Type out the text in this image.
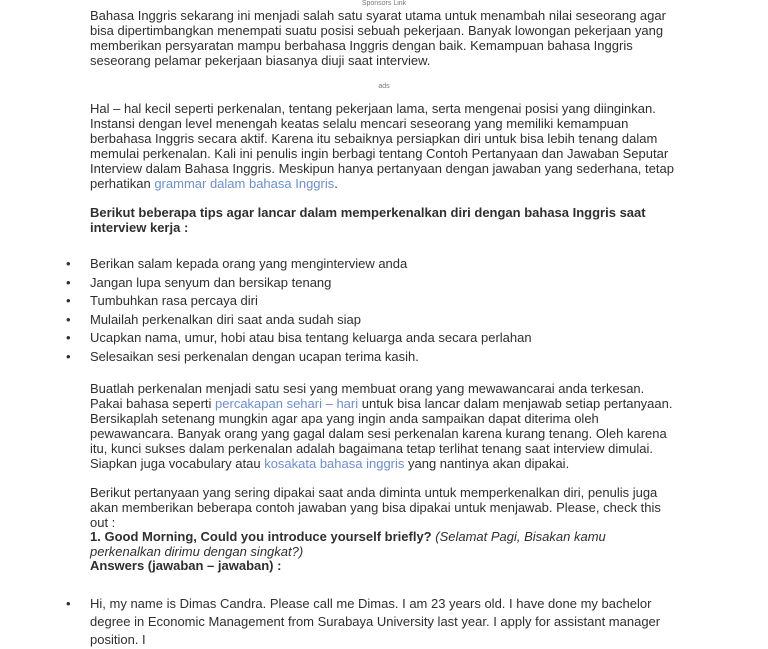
Sponsors Link

Bahasa Inggris sekarang ini menjadi salah satu syarat utama untuk menambah nilai seseorang agar bisa dipertimbangkan menempati suatu posisi sebuah pekerjaan. Banyak lowongan pekerjaan yang memberikan persyaratan mampu berbahasa Inggris dengan baik. Kemampuan bahasa Inggris seseorang pelamar pekerjaan biasanya diuji saat interview.

ads

Hal – hal kecil seperti perkenalan, tentang pekerjaan lama, serta mengenai posisi yang diinginkan. Instansi dengan level menengah keatas selalu mencari seseorang yang memiliki kemampuan berbahasa Inggris secara aktif. Karena itu sebaiknya persiapkan diri untuk bisa lebih tenang dalam memulai perkenalan. Kali ini penulis ingin berbagi tentang Contoh Pertanyaan dan Jawaban Seputar Interview dalam Bahasa Inggris. Meskipun hanya pertanyaan dengan jawaban yang sederhana, tetap perhatikan grammar dalam bahasa Inggris.

Berikut beberapa tips agar lancar dalam memperkenalkan diri dengan bahasa Inggris saat interview kerja :

• Berikan salam kepada orang yang menginterview anda
• Jangan lupa senyum dan bersikap tenang
• Tumbuhkan rasa percaya diri
• Mulailah perkenalkan diri saat anda sudah siap
• Ucapkan nama, umur, hobi atau bisa tentang keluarga anda secara perlahan
• Selesaikan sesi perkenalan dengan ucapan terima kasih.

Buatlah perkenalan menjadi satu sesi yang membuat orang yang mewawancarai anda terkesan. Pakai bahasa seperti percakapan sehari – hari untuk bisa lancar dalam menjawab setiap pertanyaan. Bersikaplah setenang mungkin agar apa yang ingin anda sampaikan dapat diterima oleh pewawancara. Banyak orang yang gagal dalam sesi perkenalan karena kurang tenang. Oleh karena itu, kunci sukses dalam perkenalan adalah bagaimana tetap terlihat tenang saat interview dimulai. Siapkan juga vocabulary atau kosakata bahasa inggris yang nantinya akan dipakai.

Berikut pertanyaan yang sering dipakai saat anda diminta untuk memperkenalkan diri, penulis juga akan memberikan beberapa contoh jawaban yang bisa dipakai untuk menjawab. Please, check this out :

1. Good Morning, Could you introduce yourself briefly? (Selamat Pagi, Bisakan kamu perkenalkan dirimu dengan singkat?)

Answers (jawaban – jawaban) :

• Hi, my name is Dimas Candra. Please call me Dimas. I am 23 years old. I have done my bachelor degree in Economic Management from Surabaya University last year. I apply for assistant manager position. I
